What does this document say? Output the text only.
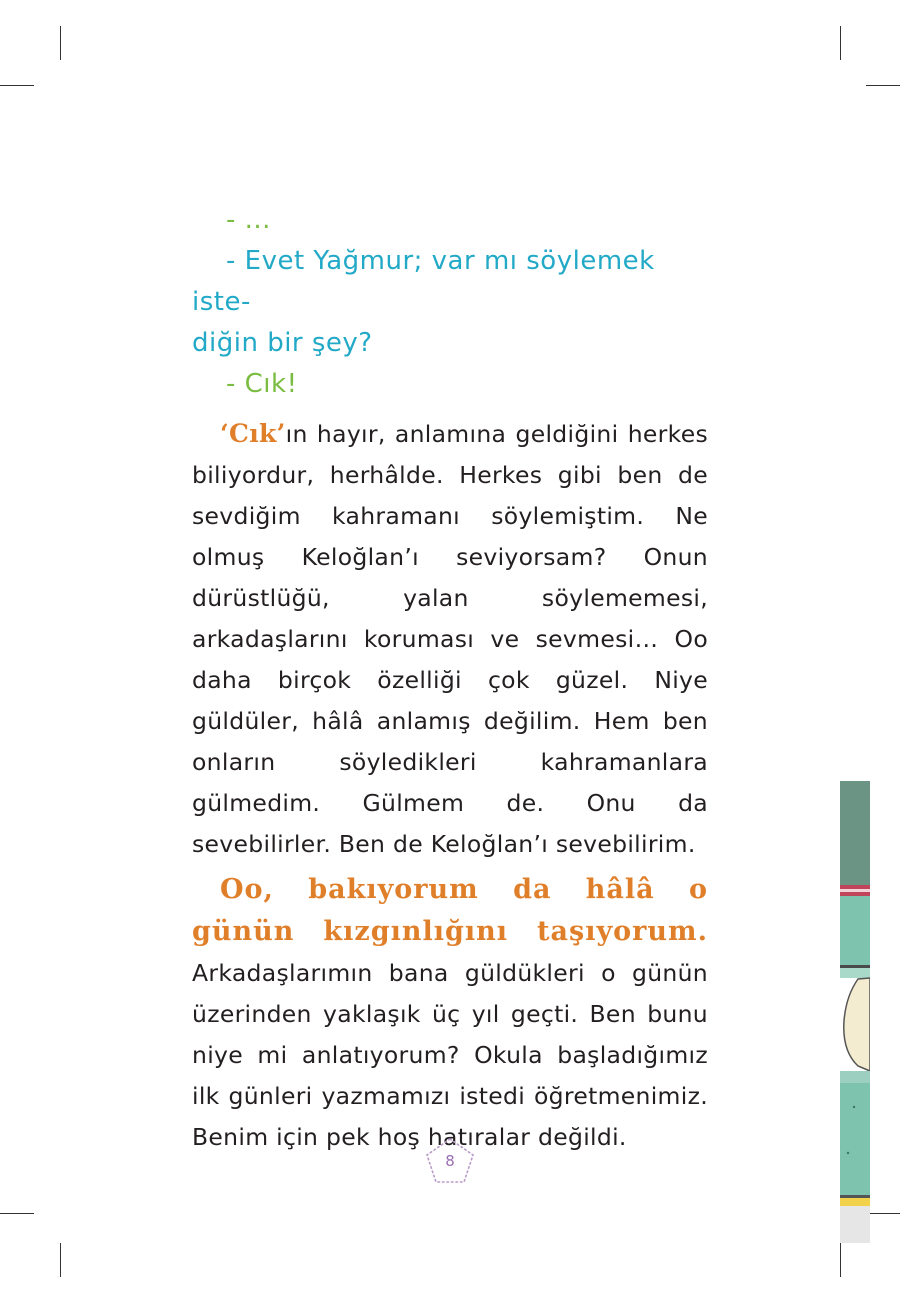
- ...

- Evet Yağmur; var mı söylemek iste-

diğin bir şey?

- Cık!

‘Cık’ın hayır, anlamına geldiğini herkes biliyordur, herhâlde. Herkes gibi ben de sevdiğim kahramanı söylemiştim. Ne olmuş Keloğlan’ı seviyorsam? Onun dürüstlüğü, yalan söylememesi, arkadaşlarını koruması ve sevmesi… Oo daha birçok özelliği çok güzel. Niye güldüler, hâlâ anlamış değilim. Hem ben onların söyledikleri kahramanlara gülmedim. Gülmem de. Onu da sevebilirler. Ben de Keloğlan’ı sevebilirim.

Oo, bakıyorum da hâlâ o günün kızgınlığını taşıyorum. Arkadaşlarımın bana güldükleri o günün üzerinden yaklaşık üç yıl geçti. Ben bunu niye mi anlatıyorum? Okula başladığımız ilk günleri yazmamızı istedi öğretmenimiz. Benim için pek hoş hatıralar değildi.

8
